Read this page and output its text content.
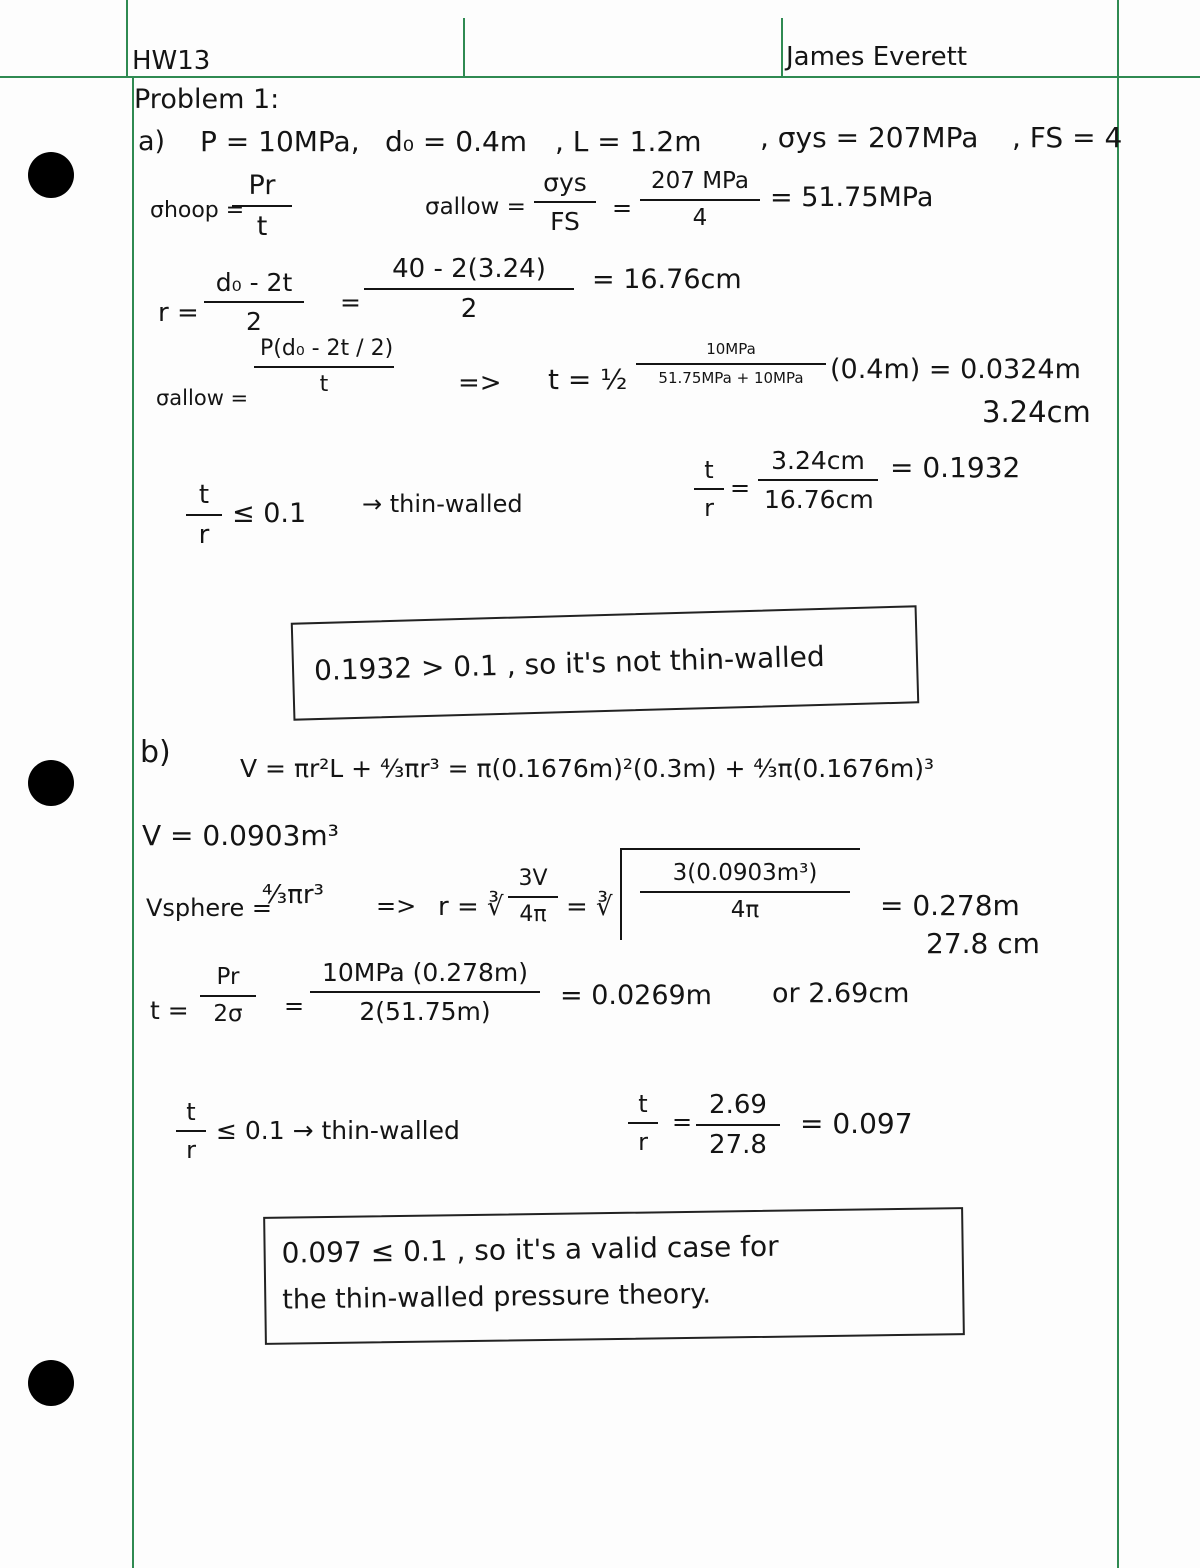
HW13	James Everett
Problem 1:
a) P = 10MPa, d₀ = 0.4m , L = 1.2m , σys = 207MPa , FS = 4
σhoop =
$\frac{Pr}{t}$	σallow =
σys
FS	=
207 MPa
4
= 51.75MPa
$r = \frac{\text{d₀ - 2t}}{2} = \frac{40 - 2(3.24)}{2} = 16.76cm$
σallow =
$\frac{\text{P(d₀ - 2t / 2)}}{t} => t$ = ½
10MPa
51.75MPa + 10MPa (0.4m) = 0.0324m
3.24cm
$\frac{t}{r} \le 0.1$ → thin-walled	$\frac{t}{r} = \frac{3.24cm}{16.76cm} = 0.1932$
0.1932 > 0.1 , so it's not thin-walled
b)	V = πr²L + ⁴⁄₃πr³ = π(0.1676m)²(0.3m) + ⁴⁄₃π(0.1676m)³
V = 0.0903m³
Vsphere =
⁴⁄₃πr³ => r = ∛ $\frac{3V}{4\pi}$ = ∛ $\frac{\text{3(0.0903m³)}}{4\pi} = 0.278m$
27.8 cm
$t = \frac{Pr}{2\sigma}$ =
10MPa (0.278m)
2(51.75m)
= 0.0269m or 2.69cm
$\frac{t}{r} \le 0.1$ → thin-walled	$\frac{t}{r} = \frac{2.69}{27.8} = 0.097$
0.097 ≤ 0.1 , so it's a valid case for
the thin-walled pressure theory.
